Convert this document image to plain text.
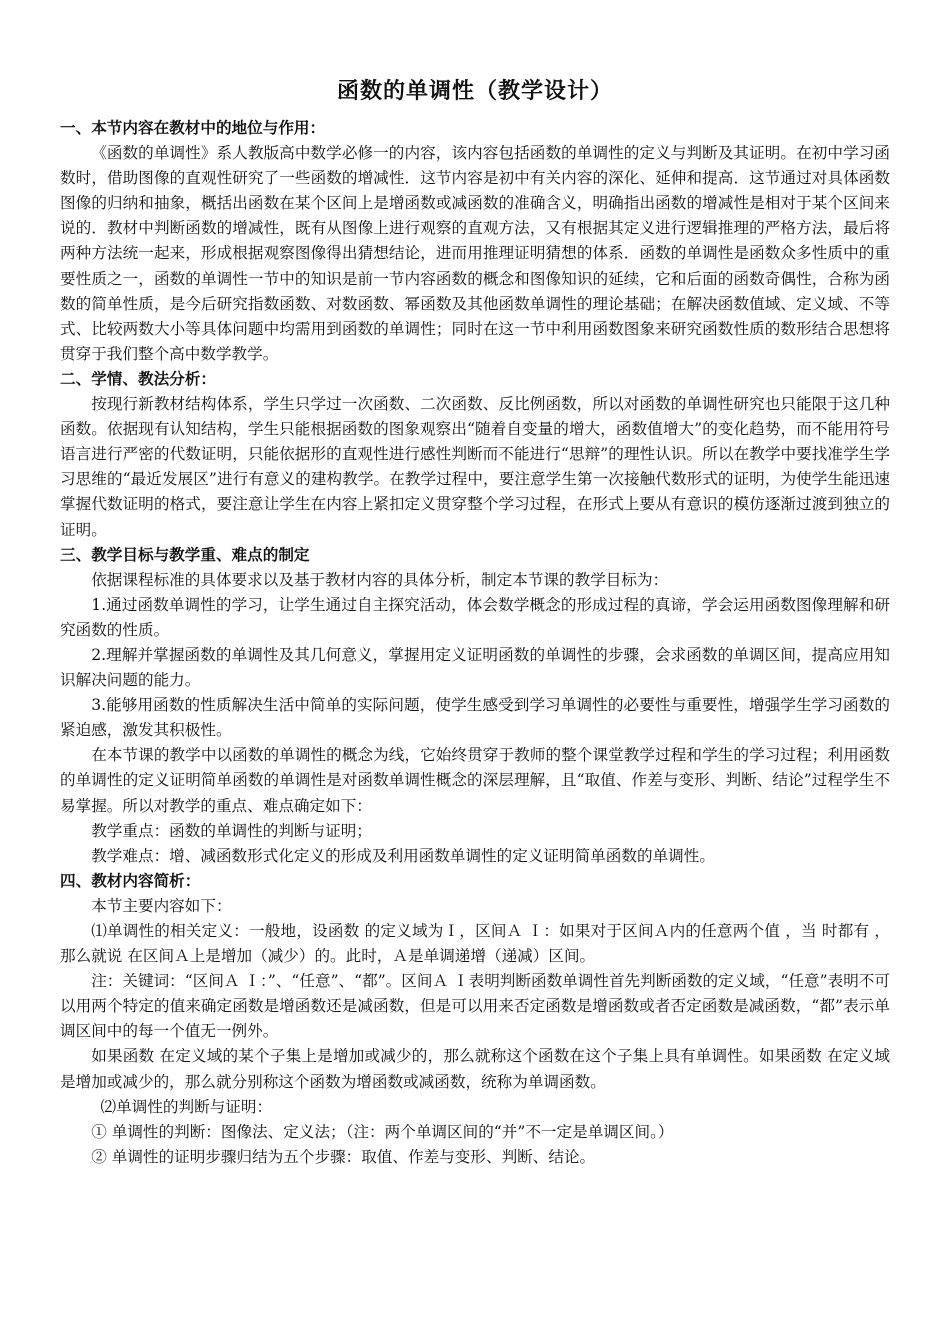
函数的单调性（教学设计）
一、本节内容在教材中的地位与作用：

《函数的单调性》系人教版高中数学必修一的内容，该内容包括函数的单调性的定义与判断及其证明。在初中学习函数时，借助图像的直观性研究了一些函数的增减性．这节内容是初中有关内容的深化、延伸和提高．这节通过对具体函数图像的归纳和抽象，概括出函数在某个区间上是增函数或减函数的准确含义，明确指出函数的增减性是相对于某个区间来说的．教材中判断函数的增减性，既有从图像上进行观察的直观方法，又有根据其定义进行逻辑推理的严格方法，最后将两种方法统一起来，形成根据观察图像得出猜想结论，进而用推理证明猜想的体系．函数的单调性是函数众多性质中的重要性质之一，函数的单调性一节中的知识是前一节内容函数的概念和图像知识的延续，它和后面的函数奇偶性，合称为函数的简单性质，是今后研究指数函数、对数函数、幂函数及其他函数单调性的理论基础；在解决函数值域、定义域、不等式、比较两数大小等具体问题中均需用到函数的单调性；同时在这一节中利用函数图象来研究函数性质的数形结合思想将贯穿于我们整个高中数学教学。

二、学情、教法分析：

按现行新教材结构体系，学生只学过一次函数、二次函数、反比例函数，所以对函数的单调性研究也只能限于这几种函数。依据现有认知结构，学生只能根据函数的图象观察出“随着自变量的增大，函数值增大”的变化趋势，而不能用符号语言进行严密的代数证明，只能依据形的直观性进行感性判断而不能进行“思辩”的理性认识。所以在教学中要找准学生学习思维的“最近发展区”进行有意义的建构教学。在教学过程中，要注意学生第一次接触代数形式的证明，为使学生能迅速掌握代数证明的格式，要注意让学生在内容上紧扣定义贯穿整个学习过程，在形式上要从有意识的模仿逐渐过渡到独立的证明。

三、教学目标与教学重、难点的制定

依据课程标准的具体要求以及基于教材内容的具体分析，制定本节课的教学目标为：

1.通过函数单调性的学习，让学生通过自主探究活动，体会数学概念的形成过程的真谛，学会运用函数图像理解和研究函数的性质。

2.理解并掌握函数的单调性及其几何意义，掌握用定义证明函数的单调性的步骤，会求函数的单调区间，提高应用知识解决问题的能力。

3.能够用函数的性质解决生活中简单的实际问题，使学生感受到学习单调性的必要性与重要性，增强学生学习函数的紧迫感，激发其积极性。

在本节课的教学中以函数的单调性的概念为线，它始终贯穿于教师的整个课堂教学过程和学生的学习过程；利用函数的单调性的定义证明简单函数的单调性是对函数单调性概念的深层理解，且“取值、作差与变形、判断、结论”过程学生不易掌握。所以对教学的重点、难点确定如下：

教学重点：函数的单调性的判断与证明；

教学难点：增、减函数形式化定义的形成及利用函数单调性的定义证明简单函数的单调性。

四、教材内容简析：

本节主要内容如下：

⑴单调性的相关定义：一般地，设函数 的定义域为Ｉ，区间Ａ Ｉ：如果对于区间Ａ内的任意两个值 ，当 时都有 ，那么就说 在区间Ａ上是增加（减少）的。此时，Ａ是单调递增（递减）区间。

注：关键词：“区间Ａ Ｉ：”、“任意”、“都”。区间Ａ Ｉ表明判断函数单调性首先判断函数的定义域，“任意”表明不可以用两个特定的值来确定函数是增函数还是减函数，但是可以用来否定函数是增函数或者否定函数是减函数，“都”表示单调区间中的每一个值无一例外。

如果函数 在定义域的某个子集上是增加或减少的，那么就称这个函数在这个子集上具有单调性。如果函数 在定义域是增加或减少的，那么就分别称这个函数为增函数或减函数，统称为单调函数。

⑵单调性的判断与证明：

① 单调性的判断：图像法、定义法；（注：两个单调区间的“并”不一定是单调区间。）

② 单调性的证明步骤归结为五个步骤：取值、作差与变形、判断、结论。
